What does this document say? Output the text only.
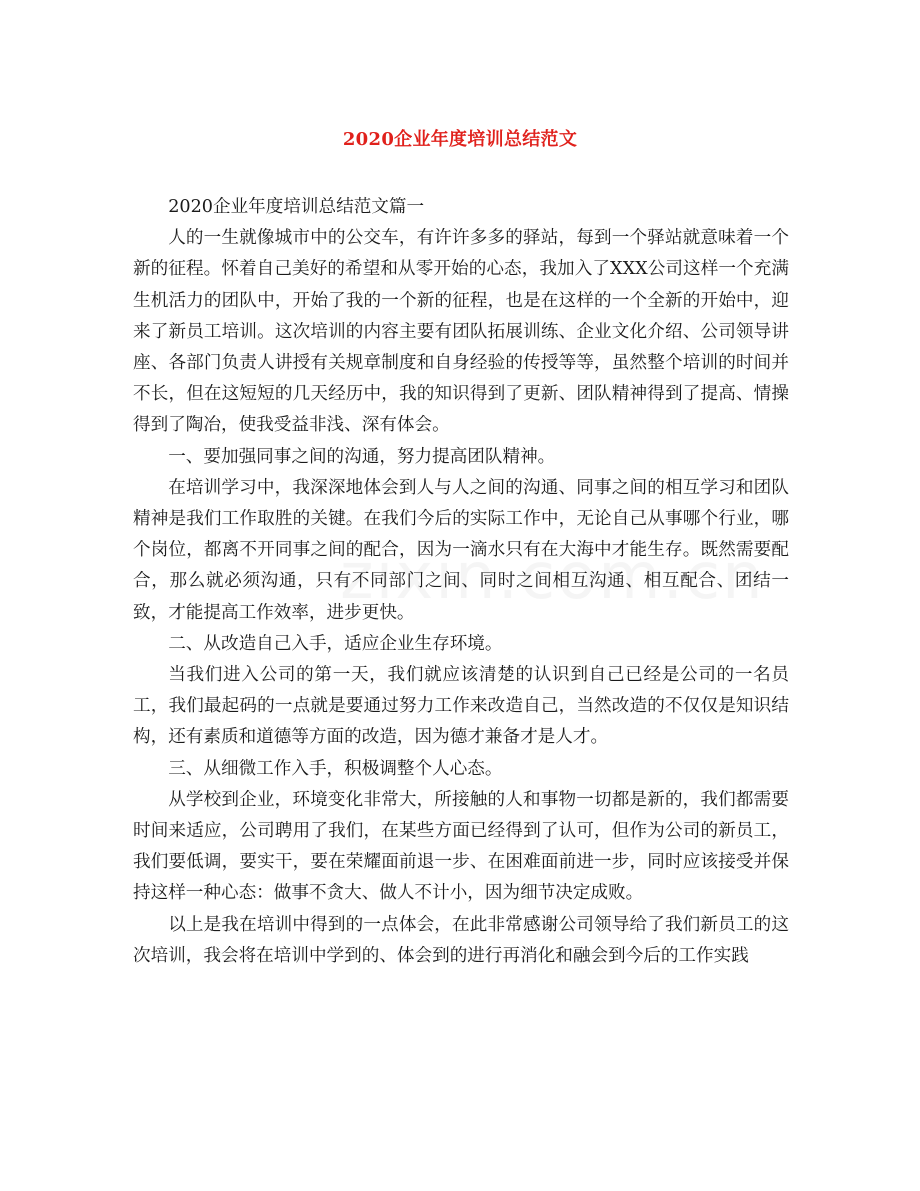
2020企业年度培训总结范文

2020企业年度培训总结范文篇一

人的一生就像城市中的公交车，有许许多多的驿站，每到一个驿站就意味着一个新的征程。怀着自己美好的希望和从零开始的心态，我加入了XXX公司这样一个充满生机活力的团队中，开始了我的一个新的征程，也是在这样的一个全新的开始中，迎来了新员工培训。这次培训的内容主要有团队拓展训练、企业文化介绍、公司领导讲座、各部门负责人讲授有关规章制度和自身经验的传授等等，虽然整个培训的时间并不长，但在这短短的几天经历中，我的知识得到了更新、团队精神得到了提高、情操得到了陶冶，使我受益非浅、深有体会。

一、要加强同事之间的沟通，努力提高团队精神。

在培训学习中，我深深地体会到人与人之间的沟通、同事之间的相互学习和团队精神是我们工作取胜的关键。在我们今后的实际工作中，无论自己从事哪个行业，哪个岗位，都离不开同事之间的配合，因为一滴水只有在大海中才能生存。既然需要配合，那么就必须沟通，只有不同部门之间、同时之间相互沟通、相互配合、团结一致，才能提高工作效率，进步更快。

二、从改造自己入手，适应企业生存环境。

当我们进入公司的第一天，我们就应该清楚的认识到自己已经是公司的一名员工，我们最起码的一点就是要通过努力工作来改造自己，当然改造的不仅仅是知识结构，还有素质和道德等方面的改造，因为德才兼备才是人才。

三、从细微工作入手，积极调整个人心态。

从学校到企业，环境变化非常大，所接触的人和事物一切都是新的，我们都需要时间来适应，公司聘用了我们，在某些方面已经得到了认可，但作为公司的新员工，我们要低调，要实干，要在荣耀面前退一步、在困难面前进一步，同时应该接受并保持这样一种心态：做事不贪大、做人不计小，因为细节决定成败。

以上是我在培训中得到的一点体会，在此非常感谢公司领导给了我们新员工的这次培训，我会将在培训中学到的、体会到的进行再消化和融会到今后的工作实践
